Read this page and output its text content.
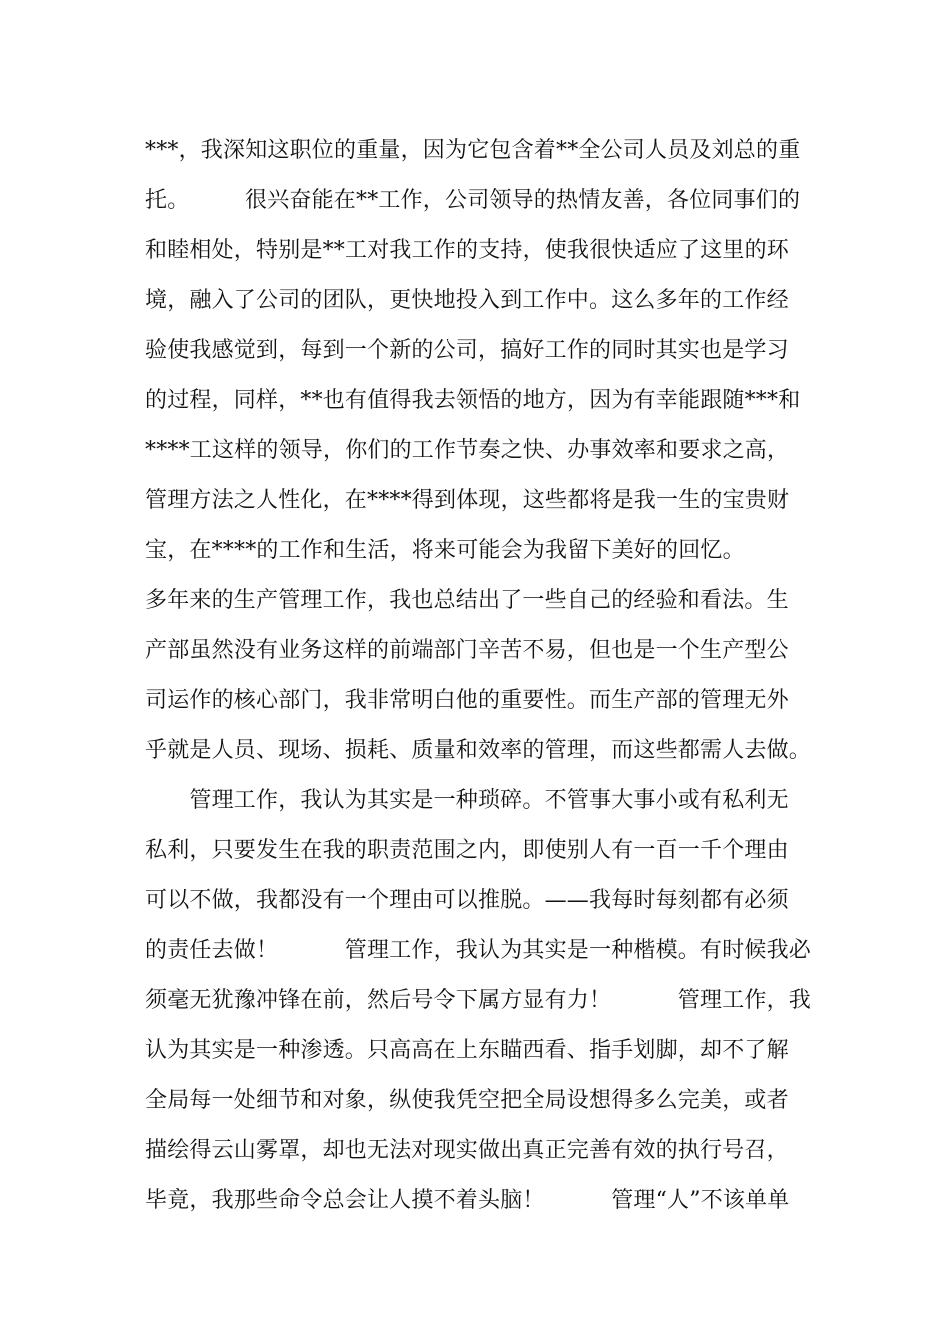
***，我深知这职位的重量，因为它包含着**全公司人员及刘总的重
托。　　　很兴奋能在**工作，公司领导的热情友善，各位同事们的
和睦相处，特别是**工对我工作的支持，使我很快适应了这里的环
境，融入了公司的团队，更快地投入到工作中。这么多年的工作经
验使我感觉到，每到一个新的公司，搞好工作的同时其实也是学习
的过程，同样，**也有值得我去领悟的地方，因为有幸能跟随***和
****工这样的领导，你们的工作节奏之快、办事效率和要求之高，
管理方法之人性化，在****得到体现，这些都将是我一生的宝贵财
宝，在****的工作和生活，将来可能会为我留下美好的回忆。
多年来的生产管理工作，我也总结出了一些自己的经验和看法。生
产部虽然没有业务这样的前端部门辛苦不易，但也是一个生产型公
司运作的核心部门，我非常明白他的重要性。而生产部的管理无外
乎就是人员、现场、损耗、质量和效率的管理，而这些都需人去做。
　　管理工作，我认为其实是一种琐碎。不管事大事小或有私利无
私利，只要发生在我的职责范围之内，即使别人有一百一千个理由
可以不做，我都没有一个理由可以推脱。——我每时每刻都有必须
的责任去做！　　　管理工作，我认为其实是一种楷模。有时候我必
须毫无犹豫冲锋在前，然后号令下属方显有力！　　　管理工作，我
认为其实是一种渗透。只高高在上东瞄西看、指手划脚，却不了解
全局每一处细节和对象，纵使我凭空把全局设想得多么完美，或者
描绘得云山雾罩，却也无法对现实做出真正完善有效的执行号召，
毕竟，我那些命令总会让人摸不着头脑！　　　管理“人”不该单单
